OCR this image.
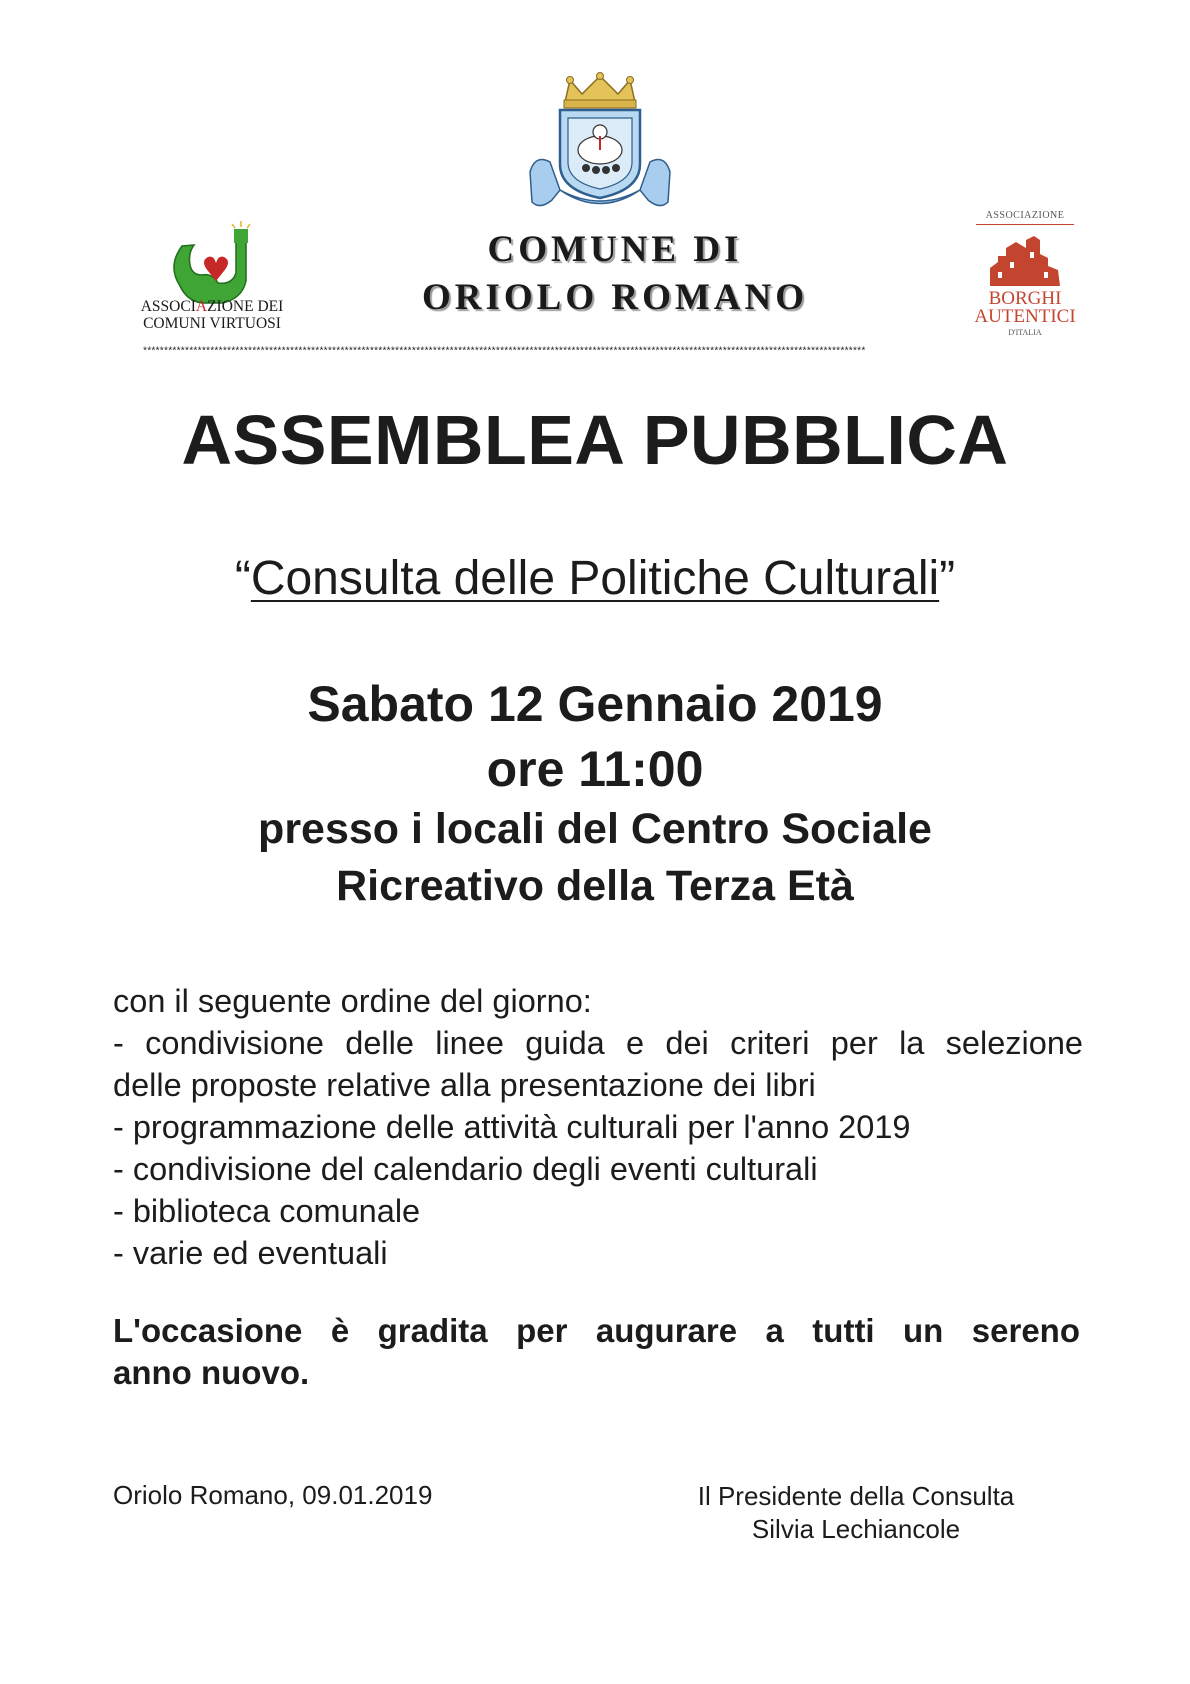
COMUNE DI
ORIOLO ROMANO
ASSOCIAZIONE DEI
COMUNI VIRTUOSI
ASSOCIAZIONE
BORGHI
AUTENTICI
D'ITALIA
****************************************************************************************************************************************************************************
ASSEMBLEA PUBBLICA
“Consulta delle Politiche Culturali”
Sabato 12 Gennaio 2019
ore 11:00
presso i locali del Centro Sociale
Ricreativo della Terza Età
con il seguente ordine del giorno:
- condivisione delle linee guida e dei criteri per la selezione
delle proposte relative alla presentazione dei libri
- programmazione delle attività culturali per l'anno 2019
- condivisione del calendario degli eventi culturali
- biblioteca comunale
- varie ed eventuali
L'occasione è gradita per augurare a tutti un sereno
anno nuovo.
Oriolo Romano, 09.01.2019	Il Presidente della Consulta
Silvia Lechiancole
